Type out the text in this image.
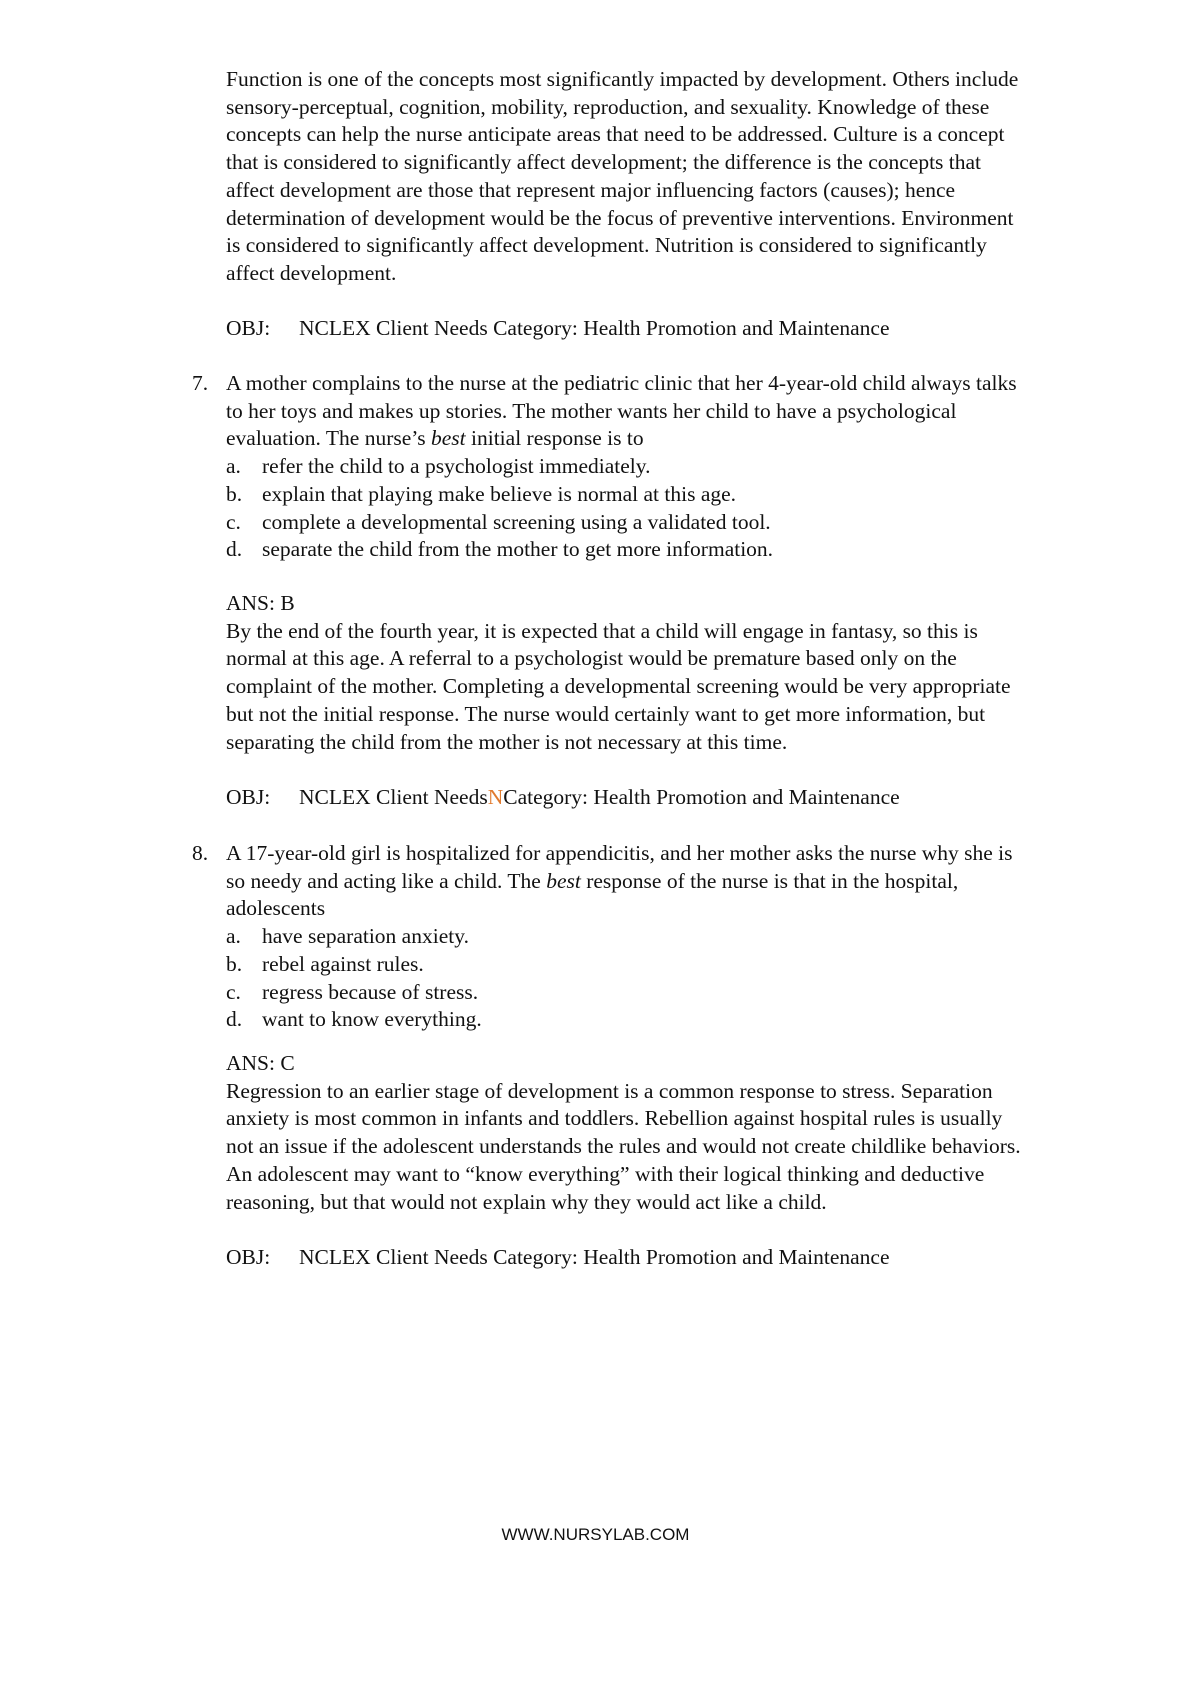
Function is one of the concepts most significantly impacted by development. Others include
sensory-perceptual, cognition, mobility, reproduction, and sexuality. Knowledge of these
concepts can help the nurse anticipate areas that need to be addressed. Culture is a concept
that is considered to significantly affect development; the difference is the concepts that
affect development are those that represent major influencing factors (causes); hence
determination of development would be the focus of preventive interventions. Environment
is considered to significantly affect development. Nutrition is considered to significantly
affect development.
OBJ: NCLEX Client Needs Category: Health Promotion and Maintenance
7. A mother complains to the nurse at the pediatric clinic that her 4-year-old child always talks
to her toys and makes up stories. The mother wants her child to have a psychological
evaluation. The nurse’s best initial response is to
a. refer the child to a psychologist immediately.
b. explain that playing make believe is normal at this age.
c. complete a developmental screening using a validated tool.
d. separate the child from the mother to get more information.
ANS: B
By the end of the fourth year, it is expected that a child will engage in fantasy, so this is
normal at this age. A referral to a psychologist would be premature based only on the
complaint of the mother. Completing a developmental screening would be very appropriate
but not the initial response. The nurse would certainly want to get more information, but
separating the child from the mother is not necessary at this time.
OBJ: NCLEX Client NeedsNCategory: Health Promotion and Maintenance
8. A 17-year-old girl is hospitalized for appendicitis, and her mother asks the nurse why she is
so needy and acting like a child. The best response of the nurse is that in the hospital,
adolescents
a. have separation anxiety.
b. rebel against rules.
c. regress because of stress.
d. want to know everything.
ANS: C
Regression to an earlier stage of development is a common response to stress. Separation
anxiety is most common in infants and toddlers. Rebellion against hospital rules is usually
not an issue if the adolescent understands the rules and would not create childlike behaviors.
An adolescent may want to “know everything” with their logical thinking and deductive
reasoning, but that would not explain why they would act like a child.
OBJ: NCLEX Client Needs Category: Health Promotion and Maintenance
WWW.NURSYLAB.COM
